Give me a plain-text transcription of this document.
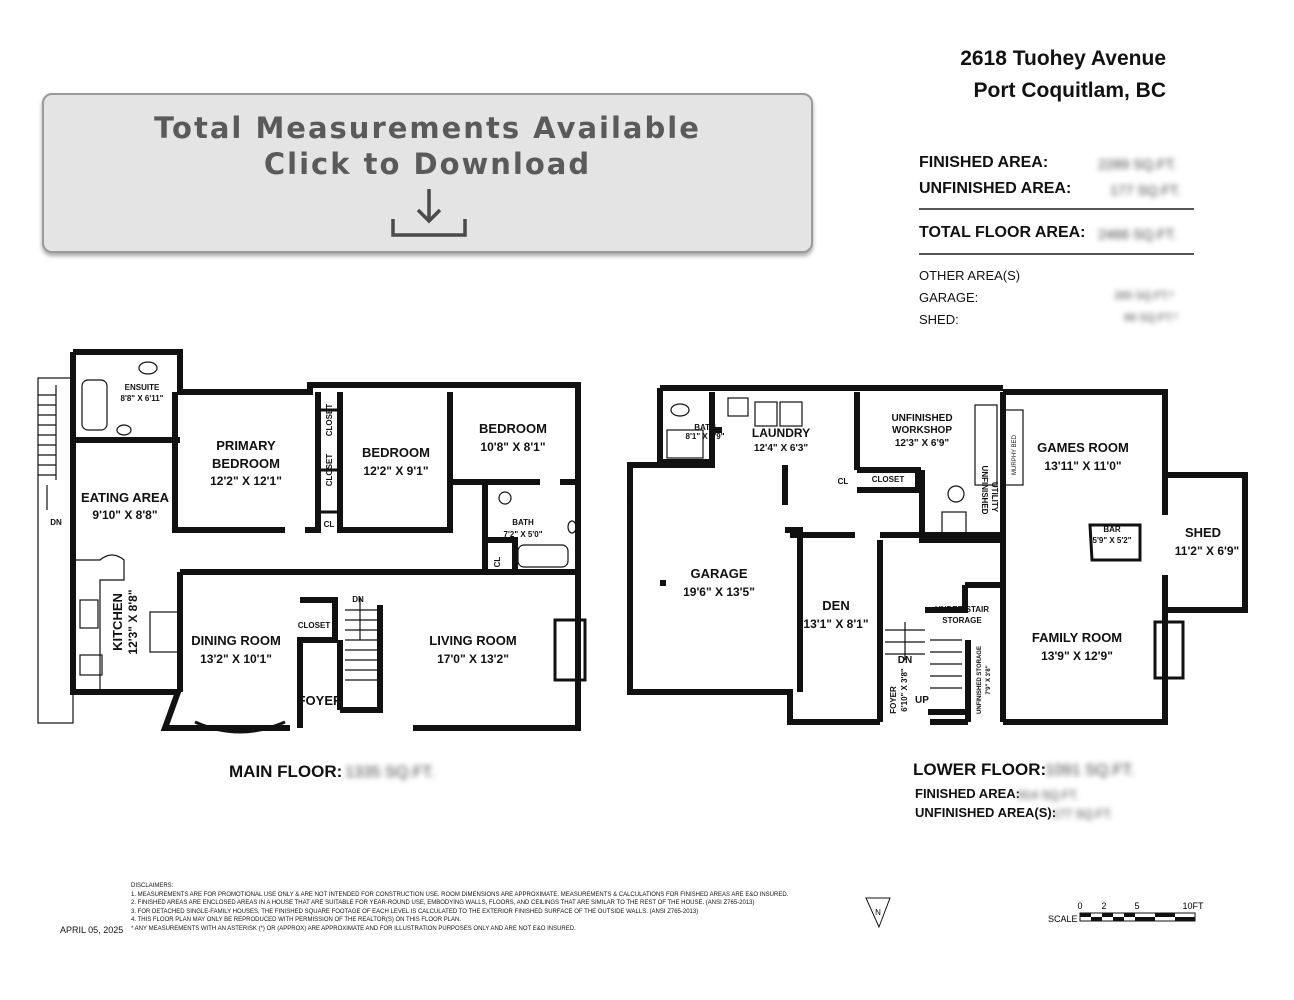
Total Measurements Available
Click to Download
2618 Tuohey Avenue
Port Coquitlam, BC
FINISHED AREA:	2289 SQ.FT.
UNFINISHED AREA:	177 SQ.FT.
TOTAL FLOOR AREA: 2466 SQ.FT.
OTHER AREA(S)
GARAGE:	265 SQ.FT.*
SHED:	66 SQ.FT.*
ENSUITE
8'8" X 6'11"
PRIMARY
BEDROOM
12'2" X 12'1"
BEDROOM
12'2" X 9'1"
BEDROOM
10'8" X 8'1"
EATING AREA
9'10" X 8'8"
BATH
7'2" X 5'0"
KITCHEN 12'3" X 8'8"	DINING ROOM
13'2" X 10'1"
LIVING ROOM
17'0" X 13'2"
FOYER
CLOSET
CLOSET
CLOSET
CL
CL
DN
DN
BATH
8'1" X 4'9" LAUNDRY
12'4" X 6'3"
UNFINISHED
WORKSHOP
12'3" X 6'9"	GAMES ROOM
13'11" X 11'0"
MURPHY BED
GARAGE
19'6" X 13'5"
CLOSET
CL	UNFINISHED UTILITY 6'8" X 6'5"
BAR
5'9" X 5'2"
SHED
11'2" X 6'9"
DEN
13'1" X 8'1"
UNDER STAIR
STORAGE
FAMILY ROOM
13'9" X 12'9"
FOYER 6'10" X 3'8"	UNFINISHED STORAGE 7'9" X 3'8"
DN
UP
N
SCALE
0 2	5	10FT
MAIN FLOOR: 1335 SQ.FT.	LOWER FLOOR:
1091 SQ.FT.
FINISHED AREA:
914 SQ.FT.
UNFINISHED AREA(S):
177 SQ.FT.
DISCLAIMERS:
1. MEASUREMENTS ARE FOR PROMOTIONAL USE ONLY & ARE NOT INTENDED FOR CONSTRUCTION USE. ROOM DIMENSIONS ARE APPROXIMATE. MEASUREMENTS & CALCULATIONS FOR FINISHED AREAS ARE E&O INSURED.
2. FINISHED AREAS ARE ENCLOSED AREAS IN A HOUSE THAT ARE SUITABLE FOR YEAR-ROUND USE, EMBODYING WALLS, FLOORS, AND CEILINGS THAT ARE SIMILAR TO THE REST OF THE HOUSE. (ANSI Z765-2013)
3. FOR DETACHED SINGLE-FAMILY HOUSES, THE FINISHED SQUARE FOOTAGE OF EACH LEVEL IS CALCULATED TO THE EXTERIOR FINISHED SURFACE OF THE OUTSIDE WALLS. (ANSI Z765-2013)
4. THIS FLOOR PLAN MAY ONLY BE REPRODUCED WITH PERMISSION OF THE REALTOR(S) ON THIS FLOOR PLAN.
* ANY MEASUREMENTS WITH AN ASTERISK (*) OR (APPROX) ARE APPROXIMATE AND FOR ILLUSTRATION PURPOSES ONLY AND ARE NOT E&O INSURED.
APRIL 05, 2025
